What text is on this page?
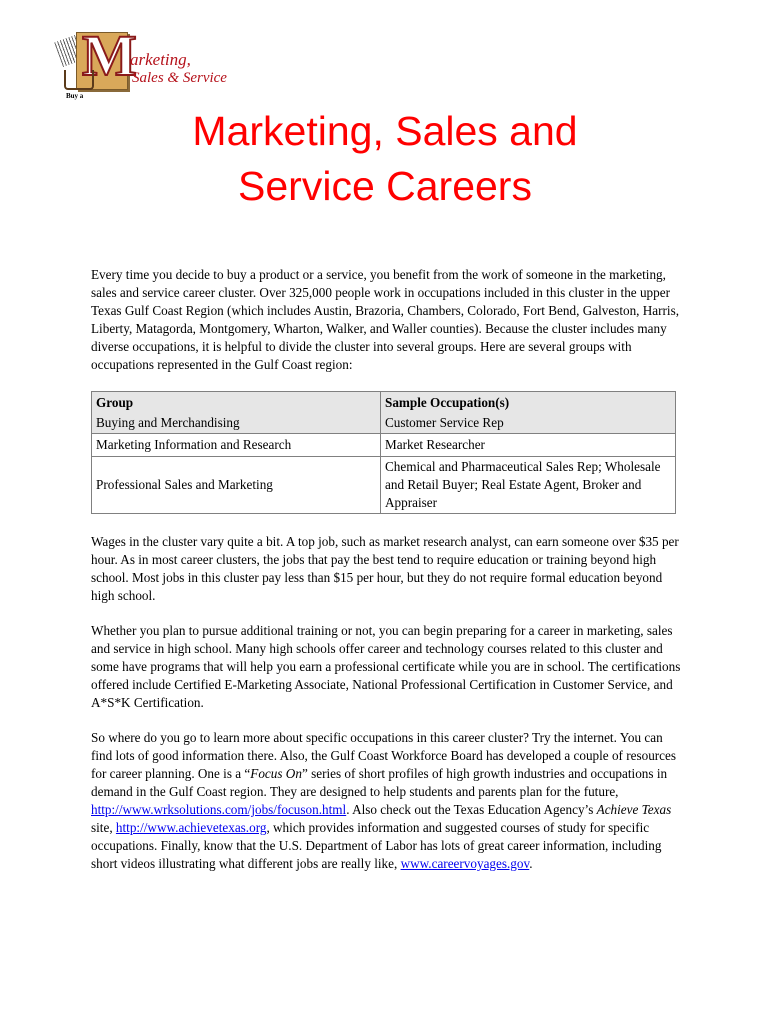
M
arketing,
Sales & Service
Buy a
Marketing, Sales and
Service Careers

Every time you decide to buy a product or a service, you benefit from the work of someone in the marketing, sales and service career cluster. Over 325,000 people work in occupations included in this cluster in the upper Texas Gulf Coast Region (which includes Austin, Brazoria, Chambers, Colorado, Fort Bend, Galveston, Harris, Liberty, Matagorda, Montgomery, Wharton, Walker, and Waller counties). Because the cluster includes many diverse occupations, it is helpful to divide the cluster into several groups. Here are several groups with occupations represented in the Gulf Coast region:

Group	Sample Occupation(s)
Buying and Merchandising	Customer Service Rep
Marketing Information and Research	Market Researcher
Professional Sales and Marketing	Chemical and Pharmaceutical Sales Rep; Wholesale and Retail Buyer; Real Estate Agent, Broker and Appraiser

Wages in the cluster vary quite a bit. A top job, such as market research analyst, can earn someone over $35 per hour. As in most career clusters, the jobs that pay the best tend to require education or training beyond high school. Most jobs in this cluster pay less than $15 per hour, but they do not require formal education beyond high school.

Whether you plan to pursue additional training or not, you can begin preparing for a career in marketing, sales and service in high school. Many high schools offer career and technology courses related to this cluster and some have programs that will help you earn a professional certificate while you are in school. The certifications offered include Certified E-Marketing Associate, National Professional Certification in Customer Service, and A*S*K Certification.

So where do you go to learn more about specific occupations in this career cluster? Try the internet. You can find lots of good information there. Also, the Gulf Coast Workforce Board has developed a couple of resources for career planning. One is a “Focus On” series of short profiles of high growth industries and occupations in demand in the Gulf Coast region. They are designed to help students and parents plan for the future, http://www.wrksolutions.com/jobs/focuson.html. Also check out the Texas Education Agency’s Achieve Texas site, http://www.achievetexas.org, which provides information and suggested courses of study for specific occupations. Finally, know that the U.S. Department of Labor has lots of great career information, including short videos illustrating what different jobs are really like, www.careervoyages.gov.
